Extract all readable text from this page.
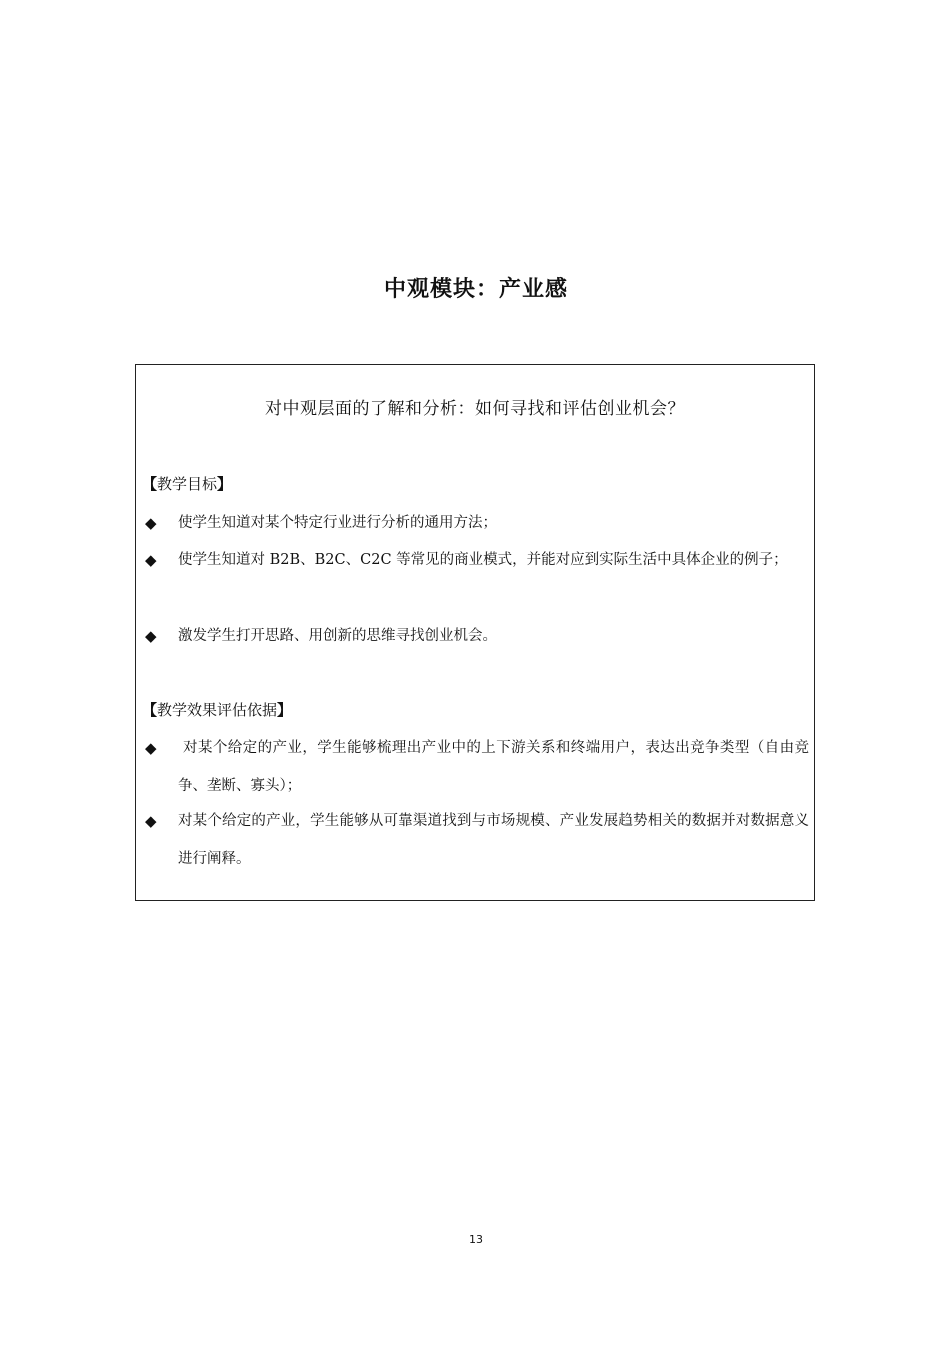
中观模块：产业感
对中观层面的了解和分析：如何寻找和评估创业机会？
【教学目标】
◆ 使学生知道对某个特定行业进行分析的通用方法；
◆ 使学生知道对 B2B、B2C、C2C 等常见的商业模式，并能对应到实际生活中具体企业的例子；
◆ 激发学生打开思路、用创新的思维寻找创业机会。
【教学效果评估依据】
◆ 对某个给定的产业，学生能够梳理出产业中的上下游关系和终端用户，表达出竞争类型（自由竞争、垄断、寡头）；
◆ 对某个给定的产业，学生能够从可靠渠道找到与市场规模、产业发展趋势相关的数据并对数据意义进行阐释。
13
